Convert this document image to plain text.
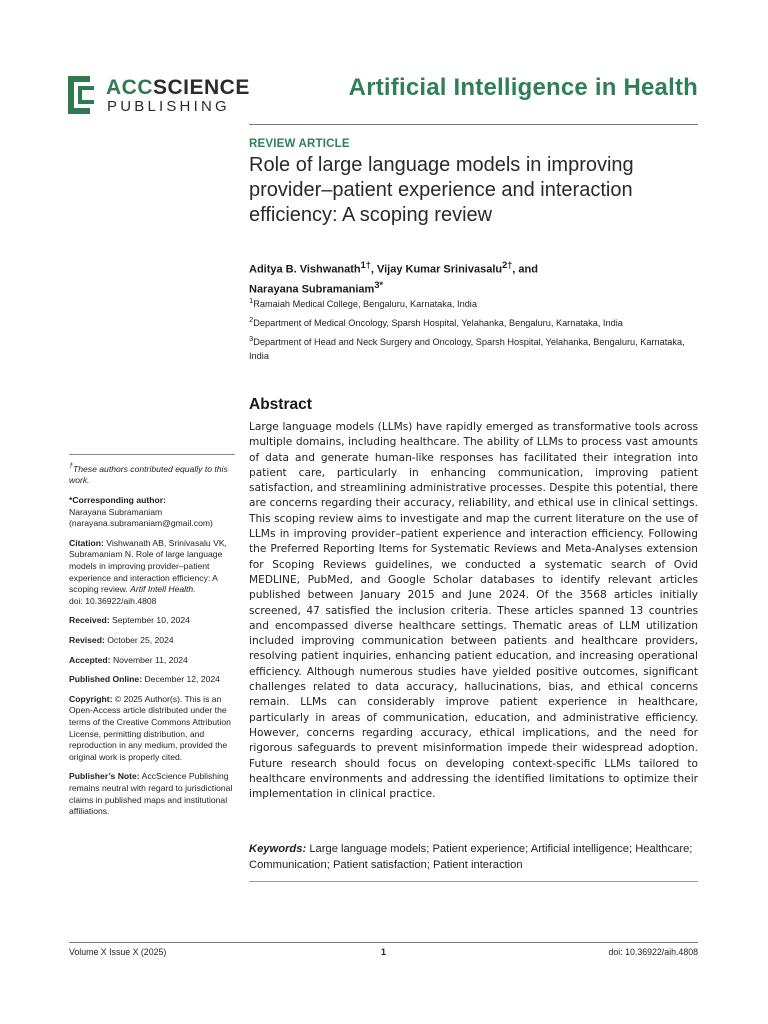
ACCSCIENCE
PUBLISHING
Artificial Intelligence in Health
REVIEW ARTICLE
Role of large language models in improving provider–patient experience and interaction efficiency: A scoping review
Aditya B. Vishwanath$^{1\dagger}$, Vijay Kumar Srinivasalu$^{2\dagger}$, and
Narayana Subramaniam$^{3*}$
$^1$Ramaiah Medical College, Bengaluru, Karnataka, India
$^2$Department of Medical Oncology, Sparsh Hospital, Yelahanka, Bengaluru, Karnataka, India
$^3$Department of Head and Neck Surgery and Oncology, Sparsh Hospital, Yelahanka, Bengaluru, Karnataka, India
Abstract
Large language models (LLMs) have rapidly emerged as transformative tools across multiple domains, including healthcare. The ability of LLMs to process vast amounts of data and generate human-like responses has facilitated their integration into patient care, particularly in enhancing communication, improving patient satisfaction, and streamlining administrative processes. Despite this potential, there are concerns regarding their accuracy, reliability, and ethical use in clinical settings. This scoping review aims to investigate and map the current literature on the use of LLMs in improving provider–patient experience and interaction efficiency. Following the Preferred Reporting Items for Systematic Reviews and Meta-Analyses extension for Scoping Reviews guidelines, we conducted a systematic search of Ovid MEDLINE, PubMed, and Google Scholar databases to identify relevant articles published between January 2015 and June 2024. Of the 3568 articles initially screened, 47 satisfied the inclusion criteria. These articles spanned 13 countries and encompassed diverse healthcare settings. Thematic areas of LLM utilization included improving communication between patients and healthcare providers, resolving patient inquiries, enhancing patient education, and increasing operational efficiency. Although numerous studies have yielded positive outcomes, significant challenges related to data accuracy, hallucinations, bias, and ethical concerns remain. LLMs can considerably improve patient experience in healthcare, particularly in areas of communication, education, and administrative efficiency. However, concerns regarding accuracy, ethical implications, and the need for rigorous safeguards to prevent misinformation impede their widespread adoption. Future research should focus on developing context-specific LLMs tailored to healthcare environments and addressing the identified limitations to optimize their implementation in clinical practice.
Keywords: Large language models; Patient experience; Artificial intelligence; Healthcare; Communication; Patient satisfaction; Patient interaction
†These authors contributed equally to this work.
*Corresponding author:
Narayana Subramaniam
(narayana.subramaniam@gmail.com)
Citation: Vishwanath AB, Srinivasalu VK, Subramaniam N. Role of large language models in improving provider–patient experience and interaction efficiency: A scoping review. Artif Intell Health.
doi: 10.36922/aih.4808
Received: September 10, 2024
Revised: October 25, 2024
Accepted: November 11, 2024
Published Online: December 12, 2024
Copyright: © 2025 Author(s). This is an Open-Access article distributed under the terms of the Creative Commons Attribution License, permitting distribution, and reproduction in any medium, provided the original work is properly cited.
Publisher’s Note: AccScience Publishing remains neutral with regard to jurisdictional claims in published maps and institutional affiliations.
Volume X Issue X (2025)	1	doi: 10.36922/aih.4808
